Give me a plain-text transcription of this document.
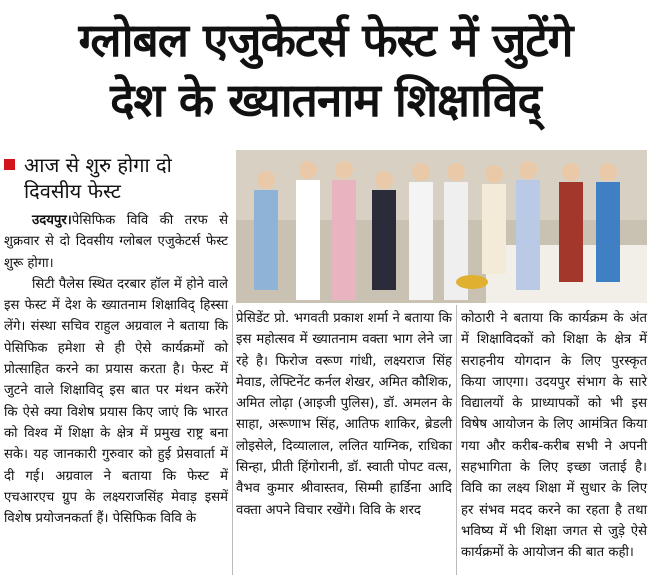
ग्लोबल एजुकेटर्स फेस्ट में जुटेंगे
देश के ख्यातनाम शिक्षाविद्
आज से शुरु होगा दो
दिवसीय फेस्ट

उदयपुर।पेसिफिक विवि की तरफ से शुक्रवार से दो दिवसीय ग्लोबल एजुकेटर्स फेस्ट शुरू होगा।

सिटी पैलेस स्थित दरबार हॉल में होने वाले इस फेस्ट में देश के ख्यातनाम शिक्षाविद् हिस्सा लेंगे। संस्था सचिव राहुल अग्रवाल ने बताया कि पेसिफिक हमेशा से ही ऐसे कार्यक्रमों को प्रोत्साहित करने का प्रयास करता है। फेस्ट में जुटने वाले शिक्षाविद् इस बात पर मंथन करेंगे कि ऐसे क्या विशेष प्रयास किए जाएं कि भारत को विश्व में शिक्षा के क्षेत्र में प्रमुख राष्ट्र बना सके। यह जानकारी गुरुवार को हुई प्रेसवार्ता में दी गई। अग्रवाल ने बताया कि फेस्ट में एचआरएच ग्रुप के लक्ष्यराजसिंह मेवाड़ इसमें विशेष प्रयोजनकर्ता हैं। पेसिफिक विवि के

प्रेसिडेंट प्रो. भगवती प्रकाश शर्मा ने बताया कि इस महोत्सव में ख्यातनाम वक्ता भाग लेने जा रहे है। फिरोज वरूण गांधी, लक्ष्यराज सिंह मेवाड, लेफ्टिनेंट कर्नल शेखर, अमित कौशिक, अमित लोढ़ा (आइजी पुलिस), डॉ. अमलन के साहा, अरूणाभ सिंह, आतिफ शाकिर, ब्रेडली लोइसेले, दिव्यालाल, ललित याग्निक, राधिका सिन्हा, प्रीती हिंगोरानी, डॉ. स्वाती पोपट वत्स, वैभव कुमार श्रीवास्तव, सिम्मी हार्डिना आदि वक्ता अपने विचार रखेंगे। विवि के शरद
कोठारी ने बताया कि कार्यक्रम के अंत में शिक्षाविदकों को शिक्षा के क्षेत्र में सराहनीय योगदान के लिए पुरस्कृत किया जाएगा। उदयपुर संभाग के सारे विद्यालयों के प्राध्यापकों को भी इस विषेष आयोजन के लिए आमंत्रित किया गया और करीब-करीब सभी ने अपनी सहभागिता के लिए इच्छा जताई है। विवि का लक्ष्य शिक्षा में सुधार के लिए हर संभव मदद करने का रहता है तथा भविष्य में भी शिक्षा जगत से जुड़े ऐसे कार्यक्रमों के आयोजन की बात कही।
